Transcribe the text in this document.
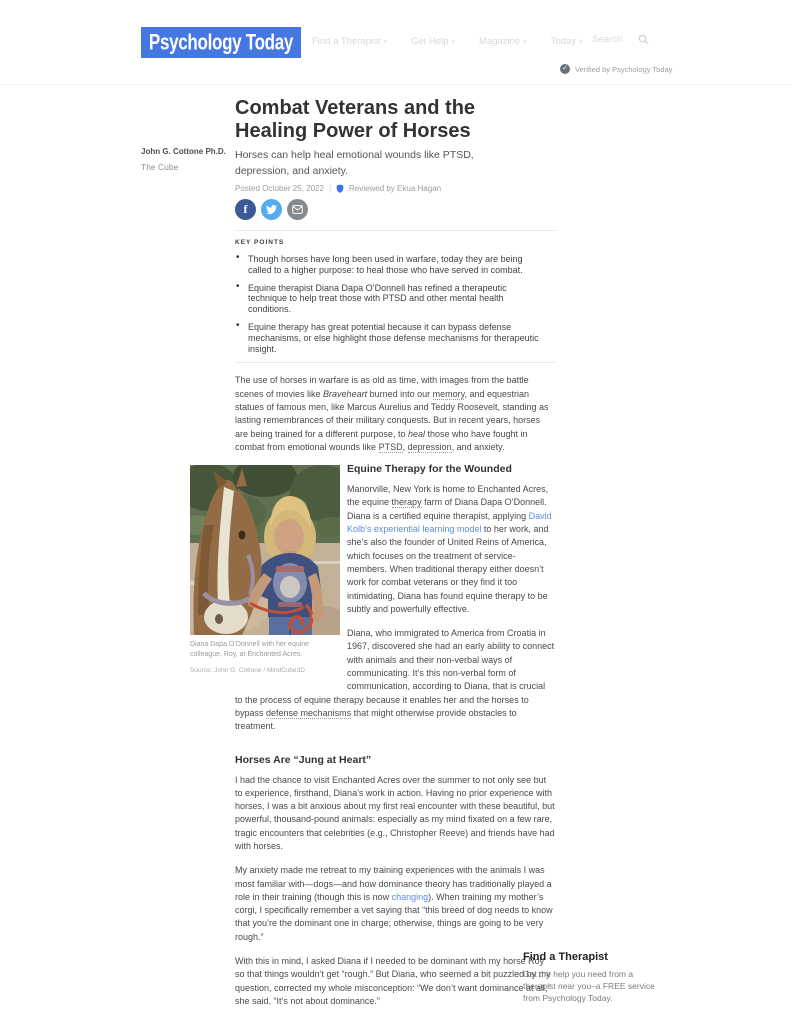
Psychology Today Find a Therapist
▾	Get Help
▾	Magazine
▾	Today
▾ Search
✓
Verified by Psychology Today
John G. Cottone Ph.D.
The Cube
Combat Veterans and the Healing Power of Horses
Horses can help heal emotional wounds like PTSD, depression, and anxiety.
Posted October 25, 2022 | Reviewed by Ekua Hagan
f
KEY POINTS
• Though horses have long been used in warfare, today they are being called to a higher purpose: to heal those who have served in combat.
• Equine therapist Diana Dapa O’Donnell has refined a therapeutic technique to help treat those with PTSD and other mental health conditions.
• Equine therapy has great potential because it can bypass defense mechanisms, or else highlight those defense mechanisms for therapeutic insight.

The use of horses in warfare is as old as time, with images from the battle scenes of movies like Braveheart burned into our memory, and equestrian statues of famous men, like Marcus Aurelius and Teddy Roosevelt, standing as lasting remembrances of their military conquests. But in recent years, horses are being trained for a different purpose, to heal those who have fought in combat from emotional wounds like PTSD, depression, and anxiety.

Diana Dapa O’Donnell with her equine colleague, Roy, at Enchanted Acres.
Source: John G. Cottone / MindCube3D
Equine Therapy for the Wounded

Manorville, New York is home to Enchanted Acres, the equine therapy farm of Diana Dapa O’Donnell. Diana is a certified equine therapist, applying David Kolb’s experiential learning model to her work, and she’s also the founder of United Reins of America, which focuses on the treatment of service-members. When traditional therapy either doesn’t work for combat veterans or they find it too intimidating, Diana has found equine therapy to be subtly and powerfully effective.

Diana, who immigrated to America from Croatia in 1967, discovered she had an early ability to connect with animals and their non-verbal ways of communicating. It’s this non-verbal form of communication, according to Diana, that is crucial to the process of equine therapy because it enables her and the horses to bypass defense mechanisms that might otherwise provide obstacles to treatment.

Horses Are “Jung at Heart”

I had the chance to visit Enchanted Acres over the summer to not only see but to experience, firsthand, Diana’s work in action. Having no prior experience with horses, I was a bit anxious about my first real encounter with these beautiful, but powerful, thousand-pound animals: especially as my mind fixated on a few rare, tragic encounters that celebrities (e.g., Christopher Reeve) and friends have had with horses.

My anxiety made me retreat to my training experiences with the animals I was most familiar with—dogs—and how dominance theory has traditionally played a role in their training (though this is now changing). When training my mother’s corgi, I specifically remember a vet saying that “this breed of dog needs to know that you’re the dominant one in charge; otherwise, things are going to be very rough.”

With this in mind, I asked Diana if I needed to be dominant with my horse Roy so that things wouldn’t get “rough.” But Diana, who seemed a bit puzzled by my question, corrected my whole misconception: “We don’t want dominance at all,” she said. “It’s not about dominance.”

Find a Therapist
Get the help you need from a therapist near you–a FREE service from Psychology Today.
